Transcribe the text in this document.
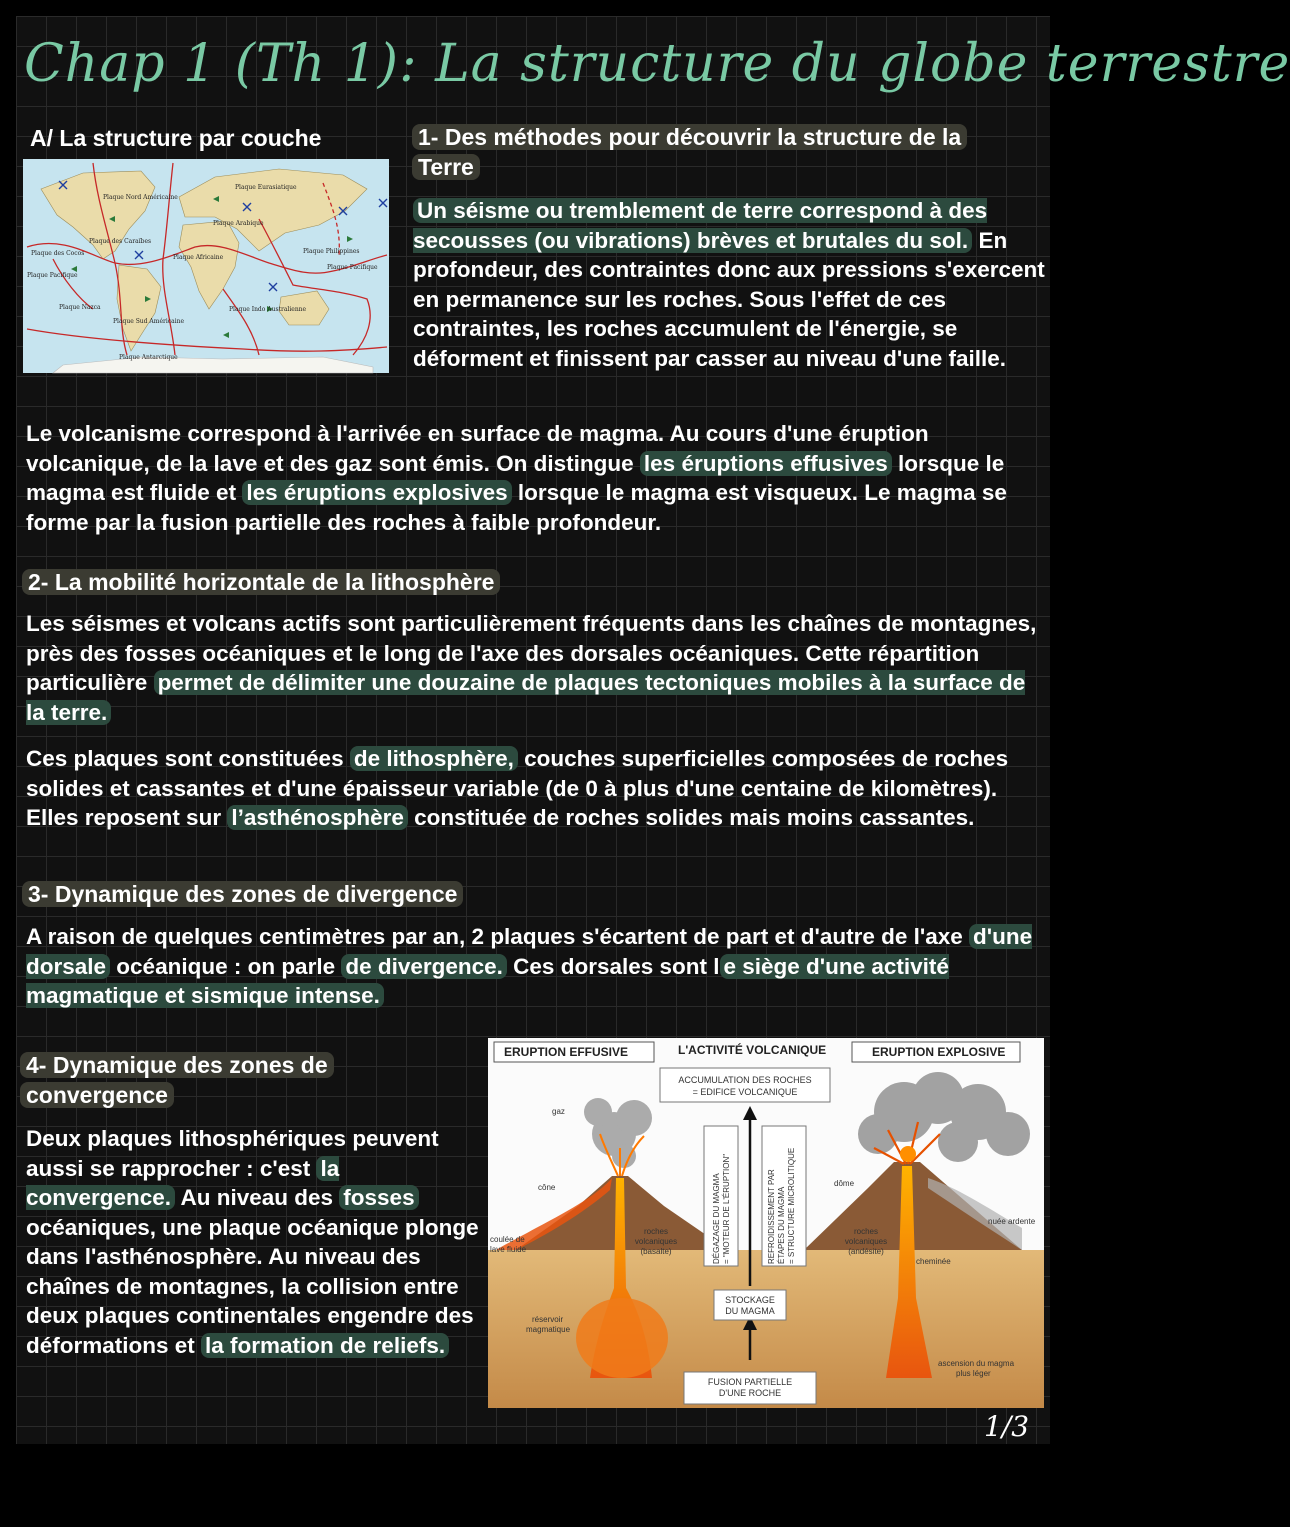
Chap 1 (Th 1): La structure du globe terrestre

A/ La structure par couche

Plaque Nord Américaine
Plaque Eurasiatique
Plaque Arabique
Plaque des Caraïbes
Plaque des Cocos
Plaque Africaine
Plaque Philippines
Plaque Pacifique
Plaque Pacifique
Plaque Nazca
Plaque Sud Américaine
Plaque Indo Australienne
Plaque Antarctique

1- Des méthodes pour découvrir la structure de la
Terre

Un séisme ou tremblement de terre correspond à des secousses (ou vibrations) brèves et brutales du sol. En profondeur, des contraintes donc aux pressions s'exercent en permanence sur les roches. Sous l'effet de ces contraintes, les roches accumulent de l'énergie, se déforment et finissent par casser au niveau d'une faille.

Le volcanisme correspond à l'arrivée en surface de magma. Au cours d'une éruption volcanique, de la lave et des gaz sont émis. On distingue les éruptions effusives lorsque le magma est fluide et les éruptions explosives lorsque le magma est visqueux. Le magma se forme par la fusion partielle des roches à faible profondeur.

2- La mobilité horizontale de la lithosphère

Les séismes et volcans actifs sont particulièrement fréquents dans les chaînes de montagnes, près des fosses océaniques et le long de l'axe des dorsales océaniques. Cette répartition particulière permet de délimiter une douzaine de plaques tectoniques mobiles à la surface de la terre.

Ces plaques sont constituées de lithosphère, couches superficielles composées de roches solides et cassantes et d'une épaisseur variable (de 0 à plus d'une centaine de kilomètres). Elles reposent sur l’asthénosphère constituée de roches solides mais moins cassantes.

3- Dynamique des zones de divergence

A raison de quelques centimètres par an, 2 plaques s'écartent de part et d'autre de l'axe d'une dorsale océanique : on parle de divergence. Ces dorsales sont l e siège d'une activité magmatique et sismique intense.

4- Dynamique des zones de
convergence

Deux plaques lithosphériques peuvent aussi se rapprocher : c'est la convergence. Au niveau des fosses océaniques, une plaque océanique plonge dans l'asthénosphère. Au niveau des chaînes de montagnes, la collision entre deux plaques continentales engendre des déformations et la formation de reliefs.

ERUPTION EFFUSIVE	L'ACTIVITÉ VOLCANIQUE	ERUPTION EXPLOSIVE
ACCUMULATION DES ROCHES
= EDIFICE VOLCANIQUE
DÉGAZAGE DU MAGMA = "MOTEUR DE L'ÉRUPTION"	REFROIDISSEMENT PAR ÉTAPES DU MAGMA = STRUCTURE MICROLITIQUE
STOCKAGE
DU MAGMA
FUSION PARTIELLE
D'UNE ROCHE
gaz
cône
coulée de
lave fluide
roches
volcaniques
(basalte)
réservoir
magmatique
dôme
nuée ardente
roches
volcaniques
(andésite)
cheminée
ascension du magma
plus léger
1/3
